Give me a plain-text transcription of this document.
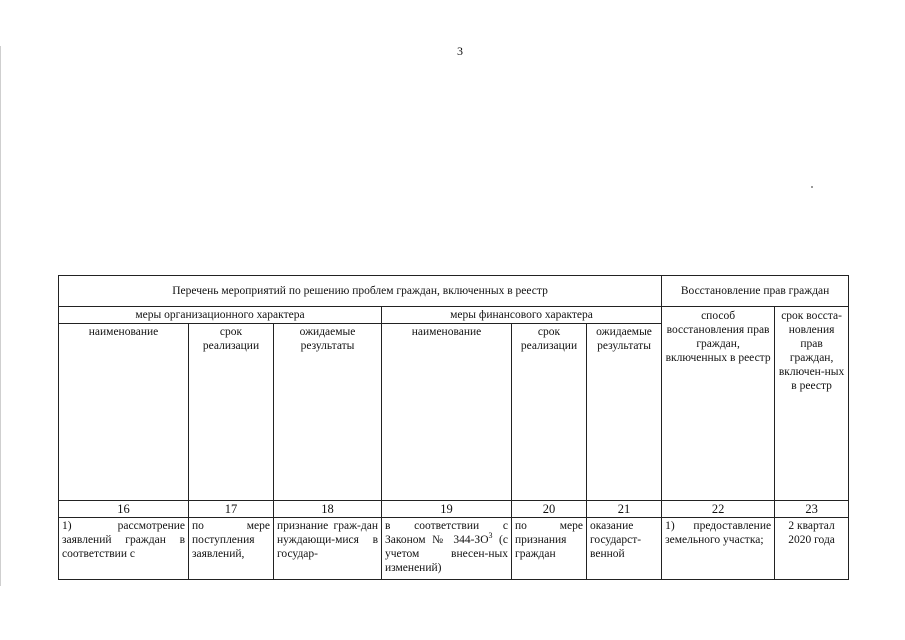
3
Перечень мероприятий по решению проблем граждан, включенных в реестр						Восстановление прав граждан	
меры организационного характера			меры финансового характера			способ восстановления прав граждан, включенных в реестр	срок восста-новления прав граждан, включен-ных в реестр
наименование	срок реализации	ожидаемые результаты	наименование	срок реализации	ожидаемые результаты		
16	17	18	19	20	21	22	23
1) рассмотрение заявлений граждан в соответствии с	по мере поступления заявлений,	признание граж-дан нуждающи-мися в государ-	в соответствии с Законом № $344-ЗО^3$ (с учетом внесен-ных изменений)	по мере признания граждан	оказание государст-венной	1) предоставление земельного участка;	2 квартал 2020 года
